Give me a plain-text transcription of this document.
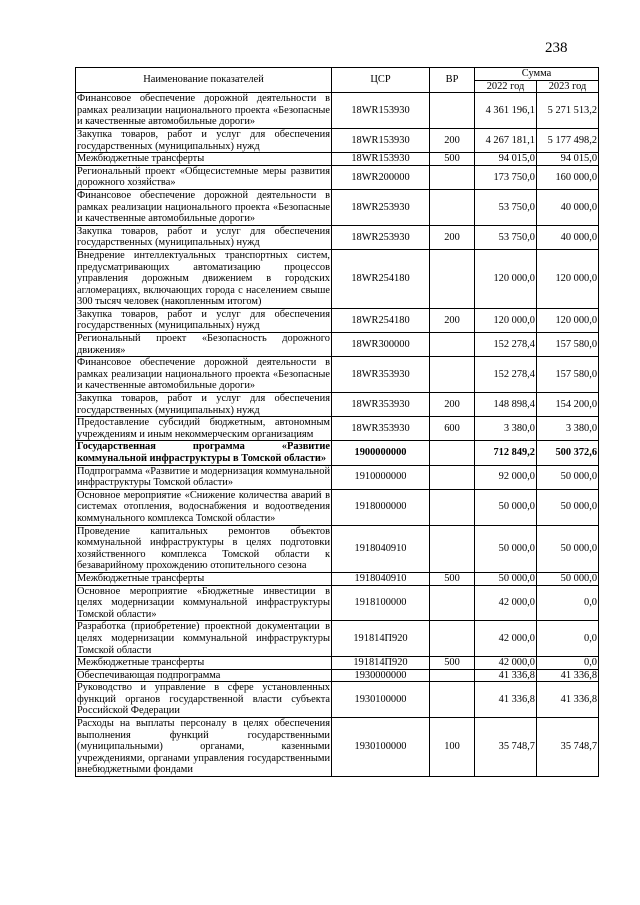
238
Наименование показателей	ЦСР	ВР	Сумма	
			2022 год	2023 год
Финансовое обеспечение дорожной деятельности в рамках реализации национального проекта «Безопасные и качественные автомобильные дороги»	18WR153930		4 361 196,1	5 271 513,2
Закупка товаров, работ и услуг для обеспечения государственных (муниципальных) нужд	18WR153930	200	4 267 181,1	5 177 498,2
Межбюджетные трансферты	18WR153930	500	94 015,0	94 015,0
Региональный проект «Общесистемные меры развития дорожного хозяйства»	18WR200000		173 750,0	160 000,0
Финансовое обеспечение дорожной деятельности в рамках реализации национального проекта «Безопасные и качественные автомобильные дороги»	18WR253930		53 750,0	40 000,0
Закупка товаров, работ и услуг для обеспечения государственных (муниципальных) нужд	18WR253930	200	53 750,0	40 000,0
Внедрение интеллектуальных транспортных систем, предусматривающих автоматизацию процессов управления дорожным движением в городских агломерациях, включающих города с населением свыше 300 тысяч человек (накопленным итогом)	18WR254180		120 000,0	120 000,0
Закупка товаров, работ и услуг для обеспечения государственных (муниципальных) нужд	18WR254180	200	120 000,0	120 000,0
Региональный проект «Безопасность дорожного движения»	18WR300000		152 278,4	157 580,0
Финансовое обеспечение дорожной деятельности в рамках реализации национального проекта «Безопасные и качественные автомобильные дороги»	18WR353930		152 278,4	157 580,0
Закупка товаров, работ и услуг для обеспечения государственных (муниципальных) нужд	18WR353930	200	148 898,4	154 200,0
Предоставление субсидий бюджетным, автономным учреждениям и иным некоммерческим организациям	18WR353930	600	3 380,0	3 380,0
Государственная программа «Развитие коммунальной инфраструктуры в Томской области»	1900000000		712 849,2	500 372,6
Подпрограмма «Развитие и модернизация коммунальной инфраструктуры Томской области»	1910000000		92 000,0	50 000,0
Основное мероприятие «Снижение количества аварий в системах отопления, водоснабжения и водоотведения коммунального комплекса Томской области»	1918000000		50 000,0	50 000,0
Проведение капитальных ремонтов объектов коммунальной инфраструктуры в целях подготовки хозяйственного комплекса Томской области к безаварийному прохождению отопительного сезона	1918040910		50 000,0	50 000,0
Межбюджетные трансферты	1918040910	500	50 000,0	50 000,0
Основное мероприятие «Бюджетные инвестиции в целях модернизации коммунальной инфраструктуры Томской области»	1918100000		42 000,0	0,0
Разработка (приобретение) проектной документации в целях модернизации коммунальной инфраструктуры Томской области	191814П920		42 000,0	0,0
Межбюджетные трансферты	191814П920	500	42 000,0	0,0
Обеспечивающая подпрограмма	1930000000		41 336,8	41 336,8
Руководство и управление в сфере установленных функций органов государственной власти субъекта Российской Федерации	1930100000		41 336,8	41 336,8
Расходы на выплаты персоналу в целях обеспечения выполнения функций государственными (муниципальными) органами, казенными учреждениями, органами управления государственными внебюджетными фондами	1930100000	100	35 748,7	35 748,7
